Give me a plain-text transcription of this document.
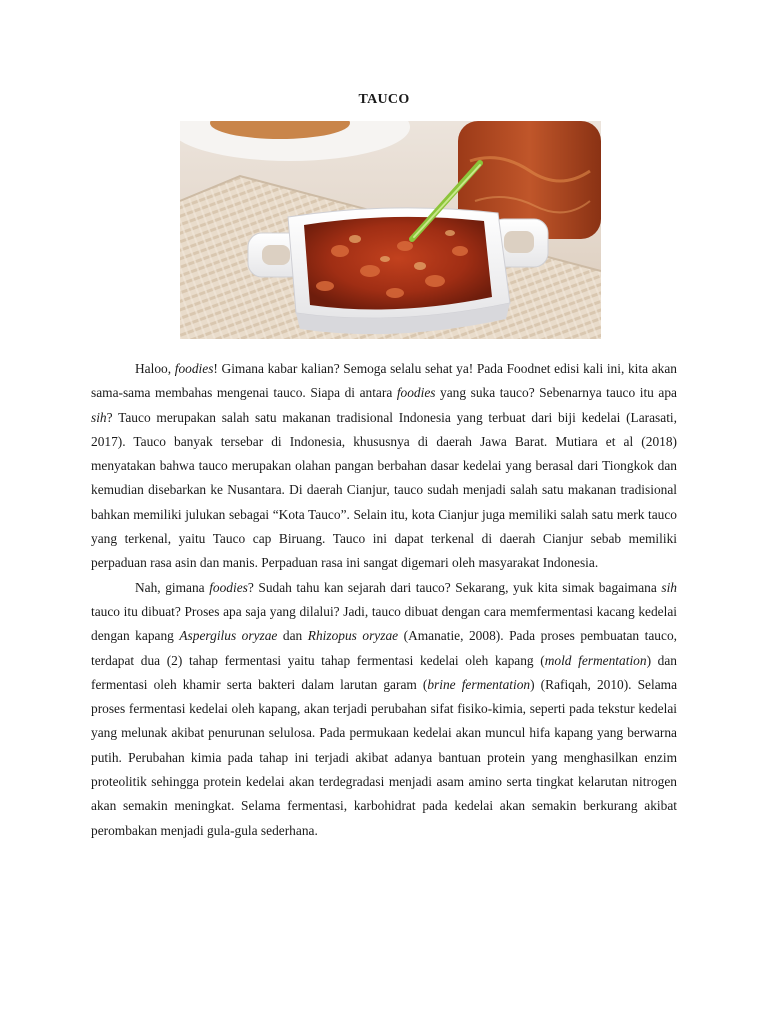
TAUCO

Haloo, foodies! Gimana kabar kalian? Semoga selalu sehat ya! Pada Foodnet edisi kali ini, kita akan sama-sama membahas mengenai tauco. Siapa di antara foodies yang suka tauco? Sebenarnya tauco itu apa sih? Tauco merupakan salah satu makanan tradisional Indonesia yang terbuat dari biji kedelai (Larasati, 2017). Tauco banyak tersebar di Indonesia, khususnya di daerah Jawa Barat. Mutiara et al (2018) menyatakan bahwa tauco merupakan olahan pangan berbahan dasar kedelai yang berasal dari Tiongkok dan kemudian disebarkan ke Nusantara. Di daerah Cianjur, tauco sudah menjadi salah satu makanan tradisional bahkan memiliki julukan sebagai “Kota Tauco”. Selain itu, kota Cianjur juga memiliki salah satu merk tauco yang terkenal, yaitu Tauco cap Biruang. Tauco ini dapat terkenal di daerah Cianjur sebab memiliki perpaduan rasa asin dan manis. Perpaduan rasa ini sangat digemari oleh masyarakat Indonesia.

Nah, gimana foodies? Sudah tahu kan sejarah dari tauco? Sekarang, yuk kita simak bagaimana sih tauco itu dibuat? Proses apa saja yang dilalui? Jadi, tauco dibuat dengan cara memfermentasi kacang kedelai dengan kapang Aspergilus oryzae dan Rhizopus oryzae (Amanatie, 2008). Pada proses pembuatan tauco, terdapat dua (2) tahap fermentasi yaitu tahap fermentasi kedelai oleh kapang (mold fermentation) dan fermentasi oleh khamir serta bakteri dalam larutan garam (brine fermentation) (Rafiqah, 2010). Selama proses fermentasi kedelai oleh kapang, akan terjadi perubahan sifat fisiko-kimia, seperti pada tekstur kedelai yang melunak akibat penurunan selulosa. Pada permukaan kedelai akan muncul hifa kapang yang berwarna putih. Perubahan kimia pada tahap ini terjadi akibat adanya bantuan protein yang menghasilkan enzim proteolitik sehingga protein kedelai akan terdegradasi menjadi asam amino serta tingkat kelarutan nitrogen akan semakin meningkat. Selama fermentasi, karbohidrat pada kedelai akan semakin berkurang akibat perombakan menjadi gula-gula sederhana.
